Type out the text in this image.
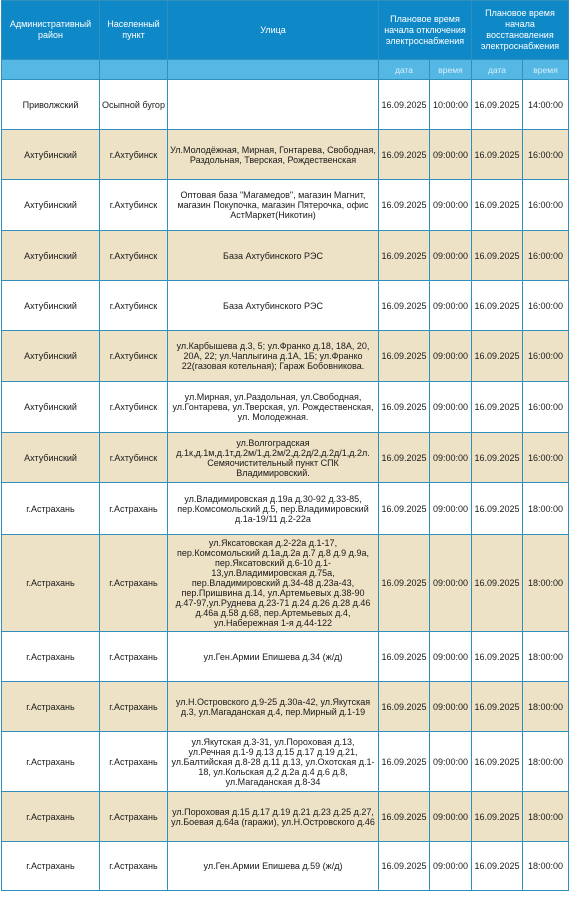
Административный район	Населенный пункт	Улица	Плановое время начала отключения электроснабжения		Плановое время начала восстановления электроснабжения	
			дата	время	дата	время
Приволжский	Осыпной бугор		16.09.2025	10:00:00	16.09.2025	14:00:00
Ахтубинский	г.Ахтубинск	Ул.Молодёжная, Мирная, Гонтарева, Свободная, Раздольная, Тверская, Рождественская	16.09.2025	09:00:00	16.09.2025	16:00:00
Ахтубинский	г.Ахтубинск	Оптовая база "Магамедов", магазин Магнит, магазин Покупочка, магазин Пятерочка, офис АстМаркет(Никотин)	16.09.2025	09:00:00	16.09.2025	16:00:00
Ахтубинский	г.Ахтубинск	База Ахтубинского РЭС	16.09.2025	09:00:00	16.09.2025	16:00:00
Ахтубинский	г.Ахтубинск	База Ахтубинского РЭС	16.09.2025	09:00:00	16.09.2025	16:00:00
Ахтубинский	г.Ахтубинск	ул.Карбышева д.3, 5; ул.Франко д.18, 18А, 20, 20А, 22; ул.Чаплыгина д.1А, 1Б; ул.Франко 22(газовая котельная); Гараж Бобовникова.	16.09.2025	09:00:00	16.09.2025	16:00:00
Ахтубинский	г.Ахтубинск	ул.Мирная, ул.Раздольная, ул.Свободная, ул.Гонтарева, ул.Тверская, ул. Рождественская, ул. Молодежная.	16.09.2025	09:00:00	16.09.2025	16:00:00
Ахтубинский	г.Ахтубинск	ул.Волгоградская д.1к,д.1м,д.1т,д.2м/1,д.2м/2,д.2д/2,д.2д/1,д.2л. Семяочистительный пункт СПК Владимировский.	16.09.2025	09:00:00	16.09.2025	16:00:00
г.Астрахань	г.Астрахань	ул.Владимировская д.19а д.30-92 д.33-85, пер.Комсомольский д.5, пер.Владимировский д.1а-19/11 д.2-22а	16.09.2025	09:00:00	16.09.2025	18:00:00
г.Астрахань	г.Астрахань	ул.Яксатовская д.2-22а д.1-17, пер.Комсомольский д.1а,д.2а д.7 д.8 д.9 д.9а, пер.Яксатовский д.6-10 д.1-13,ул.Владимировская д.75а, пер.Владимировский д.34-48 д.23а-43, пер.Пришвина д.14, ул.Артемьевых д.38-90 д.47-97,ул.Руднева д.23-71 д.24 д.26 д.28 д.46 д.46а д.58 д.68, пер.Артемьевых д.4, ул.Набережная 1-я д.44-122	16.09.2025	09:00:00	16.09.2025	18:00:00
г.Астрахань	г.Астрахань	ул.Ген.Армии Епишева д.34 (ж/д)	16.09.2025	09:00:00	16.09.2025	18:00:00
г.Астрахань	г.Астрахань	ул.Н.Островского д.9-25 д.30а-42, ул.Якутская д.3, ул.Магаданская д.4, пер.Мирный д.1-19	16.09.2025	09:00:00	16.09.2025	18:00:00
г.Астрахань	г.Астрахань	ул.Якутская д.3-31, ул.Пороховая д.13, ул.Речная д.1-9 д.13 д.15 д.17 д.19 д.21, ул.Балтийская д.8-28 д.11 д.13, ул.Охотская д.1-18, ул.Кольская д.2 д.2а д.4 д.6 д.8, ул.Магаданская д.8-34	16.09.2025	09:00:00	16.09.2025	18:00:00
г.Астрахань	г.Астрахань	ул.Пороховая д.15 д.17 д.19 д.21 д.23 д.25 д.27, ул.Боевая д.64а (гаражи), ул.Н.Островского д.46	16.09.2025	09:00:00	16.09.2025	18:00:00
г.Астрахань	г.Астрахань	ул.Ген.Армии Епишева д.59 (ж/д)	16.09.2025	09:00:00	16.09.2025	18:00:00
